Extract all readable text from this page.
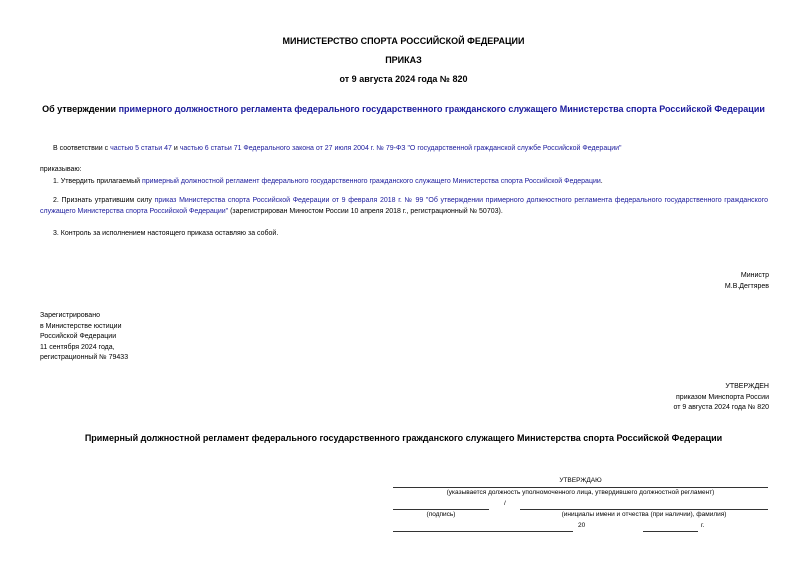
МИНИСТЕРСТВО СПОРТА РОССИЙСКОЙ ФЕДЕРАЦИИ
ПРИКАЗ
от 9 августа 2024 года № 820
Об утверждении примерного должностного регламента федерального государственного гражданского служащего Министерства спорта Российской Федерации
В соответствии с частью 5 статьи 47 и частью 6 статьи 71 Федерального закона от 27 июля 2004 г. № 79-ФЗ "О государственной гражданской службе Российской Федерации"
приказываю:
1. Утвердить прилагаемый примерный должностной регламент федерального государственного гражданского служащего Министерства спорта Российской Федерации.
2. Признать утратившим силу приказ Министерства спорта Российской Федерации от 9 февраля 2018 г. № 99 "Об утверждении примерного должностного регламента федерального государственного гражданского служащего Министерства спорта Российской Федерации" (зарегистрирован Минюстом России 10 апреля 2018 г., регистрационный № 50703).
3. Контроль за исполнением настоящего приказа оставляю за собой.
Министр
М.В.Дегтярев
Зарегистрировано
в Министерстве юстиции
Российской Федерации
11 сентября 2024 года,
регистрационный № 79433
УТВЕРЖДЕН
приказом Минспорта России
от 9 августа 2024 года № 820
Примерный должностной регламент федерального государственного гражданского служащего Министерства спорта Российской Федерации
УТВЕРЖДАЮ
(указывается должность уполномоченного лица, утвердившего должностной регламент)
/
(подпись)	(инициалы имени и отчества (при наличии), фамилия)
20	г.
